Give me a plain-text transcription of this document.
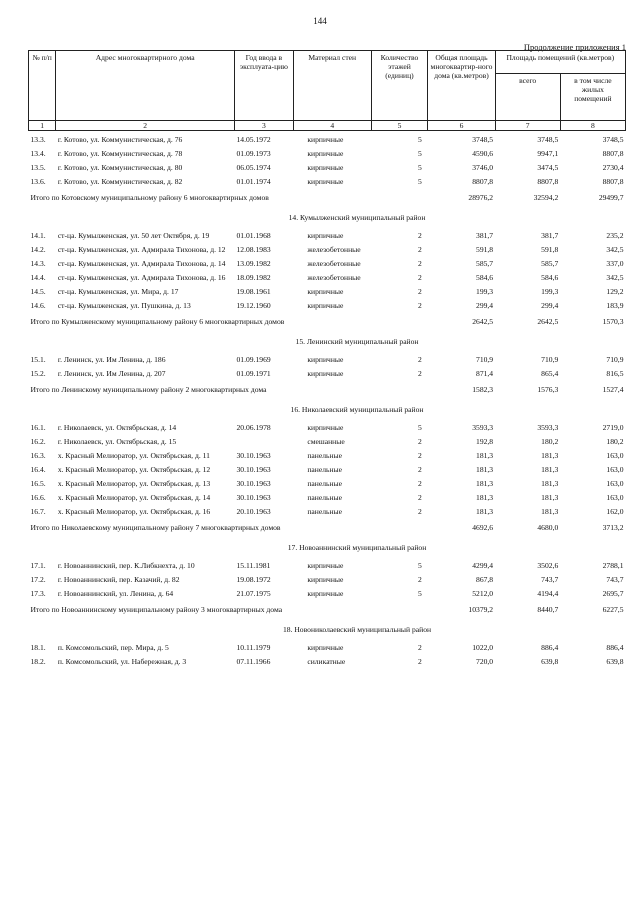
144
Продолжение приложения 1
№ п/п	Адрес многоквартирного дома	Год ввода в эксплуата-цию	Материал стен	Количество этажей (единиц)	Общая площадь многоквартир-ного дома (кв.метров)	Площадь помещений (кв.метров)	
						всего	в том числе жилых помещений
1	2	3	4	5	6	7	8
13.3.	г. Котово, ул. Коммунистическая, д. 76	14.05.1972	кирпичные	5	3748,5	3748,5	3748,5
13.4.	г. Котово, ул. Коммунистическая, д. 78	01.09.1973	кирпичные	5	4590,6	9947,1	8807,8
13.5.	г. Котово, ул. Коммунистическая, д. 80	06.05.1974	кирпичные	5	3746,0	3474,5	2730,4
13.6.	г. Котово, ул. Коммунистическая, д. 82	01.01.1974	кирпичные	5	8807,8	8807,8	8807,8
Итого по Котовскому муниципальному району 6 многоквартирных домов					28976,2	32594,2	29499,7
14. Кумылженский муниципальный район							
14.1.	ст-ца. Кумылженская, ул. 50 лет Октября, д. 19	01.01.1968	кирпичные	2	381,7	381,7	235,2
14.2.	ст-ца. Кумылженская, ул. Адмирала Тихонова, д. 12	12.08.1983	железобетонные	2	591,8	591,8	342,5
14.3.	ст-ца. Кумылженская, ул. Адмирала Тихонова, д. 14	13.09.1982	железобетонные	2	585,7	585,7	337,0
14.4.	ст-ца. Кумылженская, ул. Адмирала Тихонова, д. 16	18.09.1982	железобетонные	2	584,6	584,6	342,5
14.5.	ст-ца. Кумылженская, ул. Мира, д. 17	19.08.1961	кирпичные	2	199,3	199,3	129,2
14.6.	ст-ца. Кумылженская, ул. Пушкина, д. 13	19.12.1960	кирпичные	2	299,4	299,4	183,9
Итого по Кумылженскому муниципальному району 6 многоквартирных домов					2642,5	2642,5	1570,3
15. Ленинский муниципальный район							
15.1.	г. Ленинск, ул. Им Ленина, д. 186	01.09.1969	кирпичные	2	710,9	710,9	710,9
15.2.	г. Ленинск, ул. Им Ленина, д. 207	01.09.1971	кирпичные	2	871,4	865,4	816,5
Итого по Ленинскому муниципальному району 2 многоквартирных дома					1582,3	1576,3	1527,4
16. Николаевский муниципальный район							
16.1.	г. Николаевск, ул. Октябрьская, д. 14	20.06.1978	кирпичные	5	3593,3	3593,3	2719,0
16.2.	г. Николаевск, ул. Октябрьская, д. 15		смешанные	2	192,8	180,2	180,2
16.3.	х. Красный Мелиоратор, ул. Октябрьская, д. 11	30.10.1963	панельные	2	181,3	181,3	163,0
16.4.	х. Красный Мелиоратор, ул. Октябрьская, д. 12	30.10.1963	панельные	2	181,3	181,3	163,0
16.5.	х. Красный Мелиоратор, ул. Октябрьская, д. 13	30.10.1963	панельные	2	181,3	181,3	163,0
16.6.	х. Красный Мелиоратор, ул. Октябрьская, д. 14	30.10.1963	панельные	2	181,3	181,3	163,0
16.7.	х. Красный Мелиоратор, ул. Октябрьская, д. 16	20.10.1963	панельные	2	181,3	181,3	162,0
Итого по Николаевскому муниципальному району 7 многоквартирных домов					4692,6	4680,0	3713,2
17. Новоаннинский муниципальный район							
17.1.	г. Новоаннинский, пер. К.Либкнехта, д. 10	15.11.1981	кирпичные	5	4299,4	3502,6	2788,1
17.2.	г. Новоаннинский, пер. Казачий, д. 82	19.08.1972	кирпичные	2	867,8	743,7	743,7
17.3.	г. Новоаннинский, ул. Ленина, д. 64	21.07.1975	кирпичные	5	5212,0	4194,4	2695,7
Итого по Новоаннинскому муниципальному району 3 многоквартирных дома					10379,2	8440,7	6227,5
18. Новониколаевский муниципальный район							
18.1.	п. Комсомольский, пер. Мира, д. 5	10.11.1979	кирпичные	2	1022,0	886,4	886,4
18.2.	п. Комсомольский, ул. Набережная, д. 3	07.11.1966	силикатные	2	720,0	639,8	639,8
